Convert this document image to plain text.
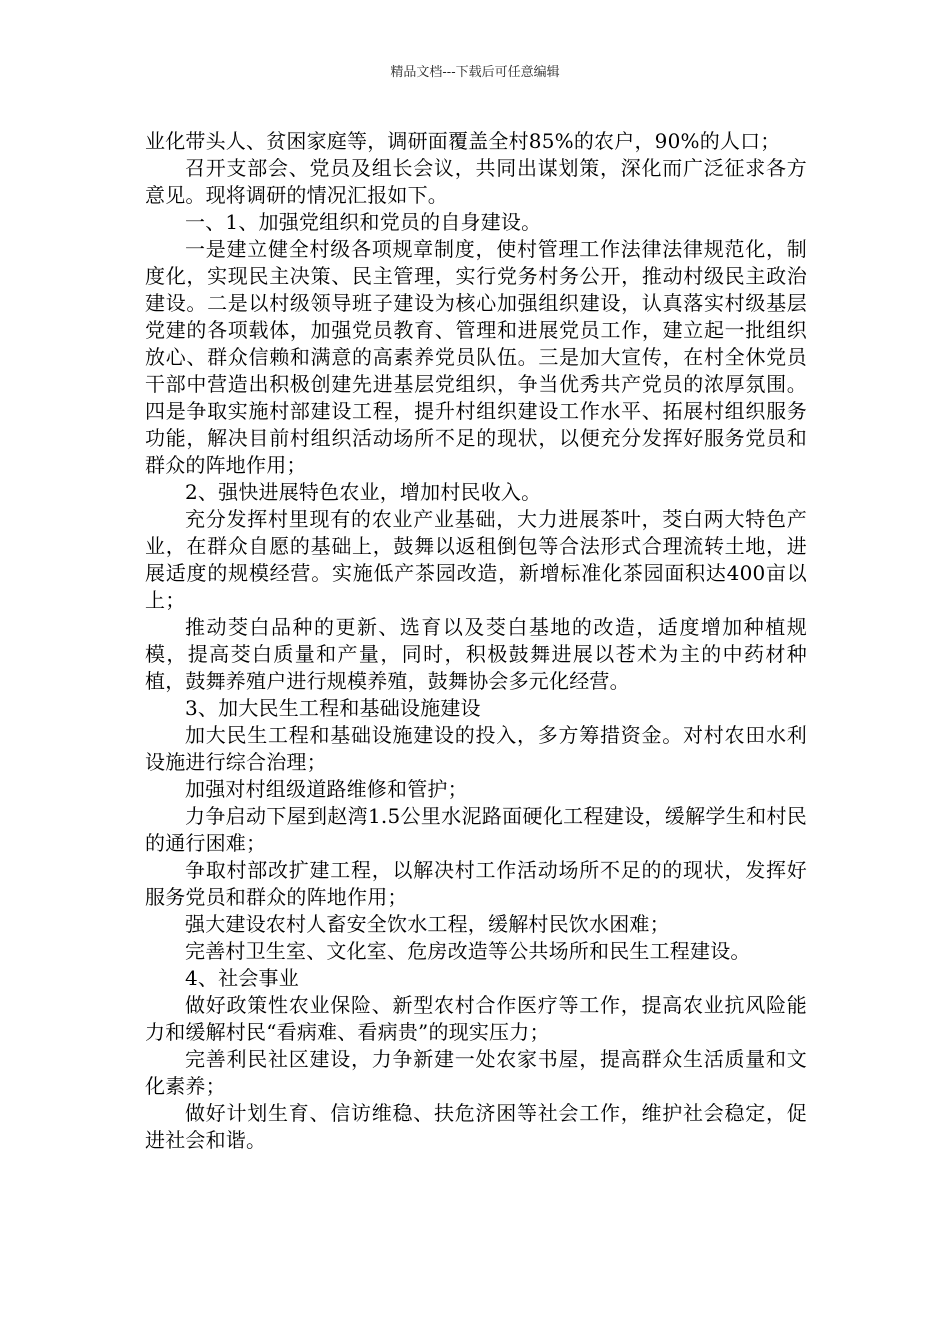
精品文档---下载后可任意编辑

业化带头人、贫困家庭等，调研面覆盖全村85%的农户，90%的人口；

召开支部会、党员及组长会议，共同出谋划策，深化而广泛征求各方意见。现将调研的情况汇报如下。

一、1、加强党组织和党员的自身建设。

一是建立健全村级各项规章制度，使村管理工作法律法律规范化，制度化，实现民主决策、民主管理，实行党务村务公开，推动村级民主政治建设。二是以村级领导班子建设为核心加强组织建设，认真落实村级基层党建的各项载体，加强党员教育、管理和进展党员工作，建立起一批组织放心、群众信赖和满意的高素养党员队伍。三是加大宣传，在村全休党员干部中营造出积极创建先进基层党组织，争当优秀共产党员的浓厚氛围。四是争取实施村部建设工程，提升村组织建设工作水平、拓展村组织服务功能，解决目前村组织活动场所不足的现状，以便充分发挥好服务党员和群众的阵地作用；

2、强快进展特色农业，增加村民收入。

充分发挥村里现有的农业产业基础，大力进展茶叶，茭白两大特色产业，在群众自愿的基础上，鼓舞以返租倒包等合法形式合理流转土地，进展适度的规模经营。实施低产茶园改造，新增标准化茶园面积达400亩以上；

推动茭白品种的更新、选育以及茭白基地的改造，适度增加种植规模，提高茭白质量和产量，同时，积极鼓舞进展以苍术为主的中药材种植，鼓舞养殖户进行规模养殖，鼓舞协会多元化经营。

3、加大民生工程和基础设施建设

加大民生工程和基础设施建设的投入，多方筹措资金。对村农田水利设施进行综合治理；

加强对村组级道路维修和管护；

力争启动下屋到赵湾1.5公里水泥路面硬化工程建设，缓解学生和村民的通行困难；

争取村部改扩建工程，以解决村工作活动场所不足的的现状，发挥好服务党员和群众的阵地作用；

强大建设农村人畜安全饮水工程，缓解村民饮水困难；

完善村卫生室、文化室、危房改造等公共场所和民生工程建设。

4、社会事业

做好政策性农业保险、新型农村合作医疗等工作，提高农业抗风险能力和缓解村民“看病难、看病贵”的现实压力；

完善利民社区建设，力争新建一处农家书屋，提高群众生活质量和文化素养；

做好计划生育、信访维稳、扶危济困等社会工作，维护社会稳定，促进社会和谐。
